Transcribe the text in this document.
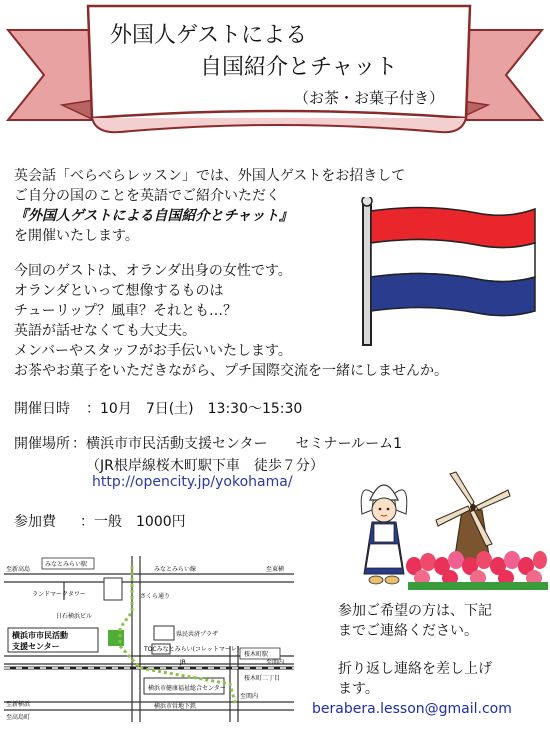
外国人ゲストによる
自国紹介とチャット
（お茶・お菓子付き）
英会話「べらべらレッスン」では、外国人ゲストをお招きして
ご自分の国のことを英語でご紹介いただく
『外国人ゲストによる自国紹介とチャット』
を開催いたします。
今回のゲストは、オランダ出身の女性です。
オランダといって想像するものは
チューリップ？風車？それとも…？
英語が話せなくても大丈夫。
メンバーやスタッフがお手伝いいたします。
お茶やお菓子をいただきながら、プチ国際交流を一緒にしませんか。
開催日時 ：10月　7日(土)　13:30〜15:30
開催場所 ：横浜市市民活動支援センター　　セミナールーム1
（JR根岸線桜木町駅下車　徒歩７分）
http://opencity.jp/yokohama/
参加費 ：一般　1000円
みなとみらい駅
至新高島	みなとみらい線	至東横
ランドマークタワー	さくら通り
日石横浜ビル
県民共済プラザ
横浜市市民活動
支援センター	TOCみなとみらい(コレットマーレ)
桜木町駅
JR	至関内
桜木町二丁目
横浜市健康福祉総合センター
至関内
横浜市営地下鉄
至新横浜
至高島町
参加ご希望の方は、下記
までご連絡ください。
折り返し連絡を差し上げ
ます。
berabera.lesson@gmail.com
